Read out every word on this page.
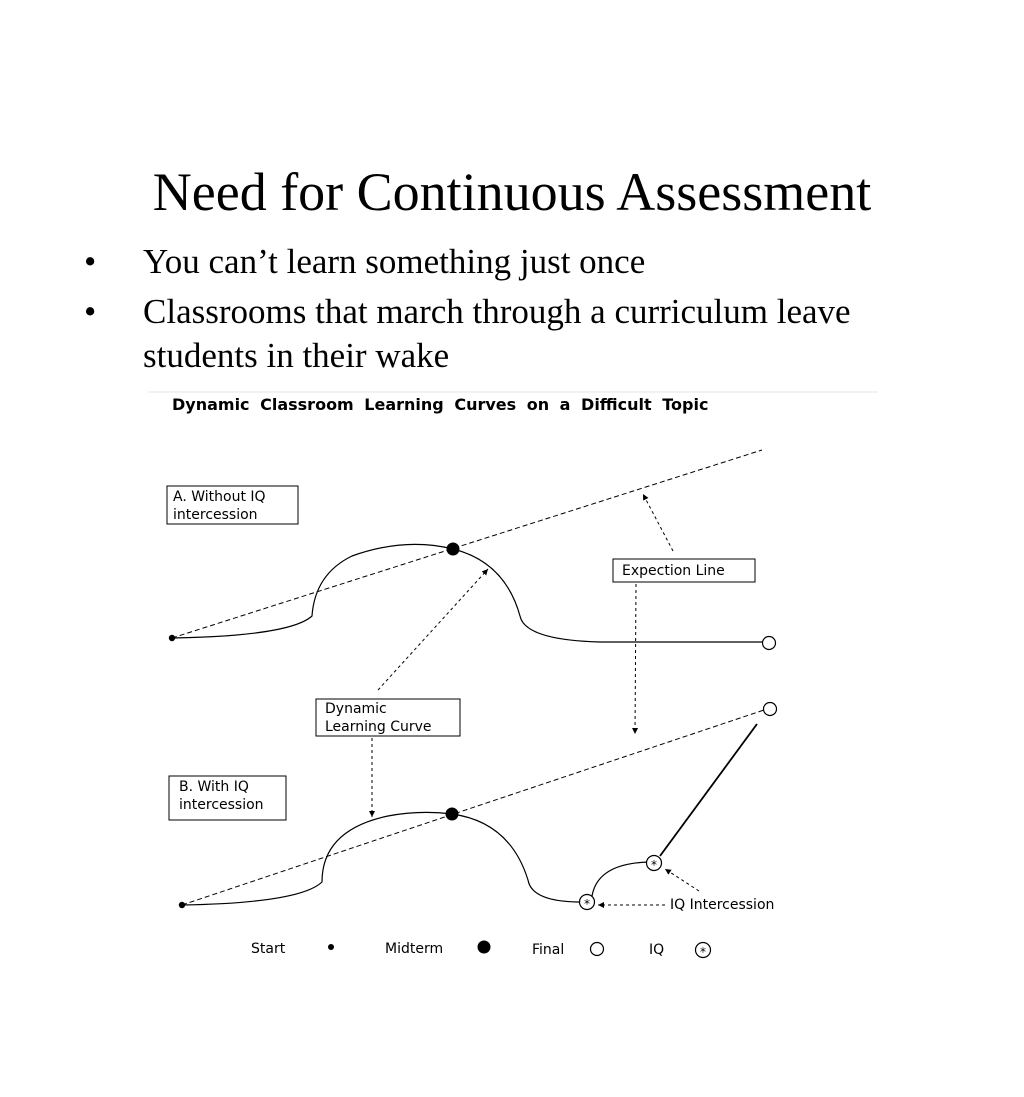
Need for Continuous Assessment
•	You can’t learn something just once
•	Classrooms that march through a curriculum leave students in their wake
Dynamic Classroom Learning Curves on a Difficult Topic
A. Without IQ intercession
Expection Line
Dynamic Learning Curve
B. With IQ intercession
*
*
IQ Intercession
Start	Midterm	Final	IQ	*
